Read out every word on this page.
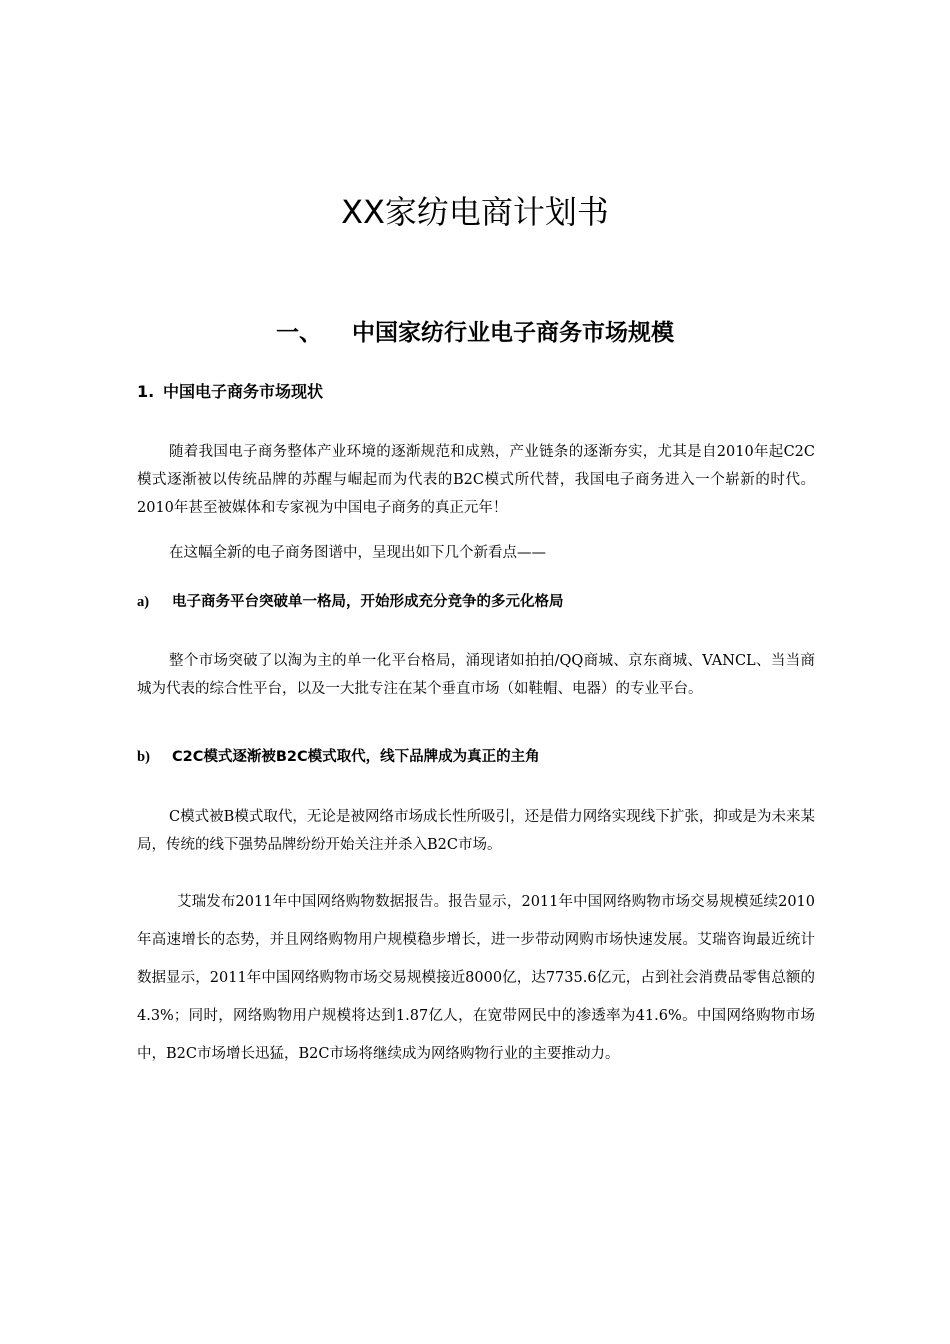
XX家纺电商计划书
一、 中国家纺行业电子商务市场规模
1. 中国电子商务市场现状
随着我国电子商务整体产业环境的逐渐规范和成熟，产业链条的逐渐夯实，尤其是自2010年起C2C模式逐渐被以传统品牌的苏醒与崛起而为代表的B2C模式所代替，我国电子商务进入一个崭新的时代。2010年甚至被媒体和专家视为中国电子商务的真正元年！
在这幅全新的电子商务图谱中，呈现出如下几个新看点——
a) 电子商务平台突破单一格局，开始形成充分竞争的多元化格局
整个市场突破了以淘为主的单一化平台格局，涌现诸如拍拍/QQ商城、京东商城、VANCL、当当商城为代表的综合性平台，以及一大批专注在某个垂直市场（如鞋帽、电器）的专业平台。
b) C2C模式逐渐被B2C模式取代，线下品牌成为真正的主角
C模式被B模式取代，无论是被网络市场成长性所吸引，还是借力网络实现线下扩张，抑或是为未来某局，传统的线下强势品牌纷纷开始关注并杀入B2C市场。
艾瑞发布2011年中国网络购物数据报告。报告显示，2011年中国网络购物市场交易规模延续2010年高速增长的态势，并且网络购物用户规模稳步增长，进一步带动网购市场快速发展。艾瑞咨询最近统计数据显示，2011年中国网络购物市场交易规模接近8000亿，达7735.6亿元，占到社会消费品零售总额的4.3%；同时，网络购物用户规模将达到1.87亿人，在宽带网民中的渗透率为41.6%。中国网络购物市场中，B2C市场增长迅猛，B2C市场将继续成为网络购物行业的主要推动力。
